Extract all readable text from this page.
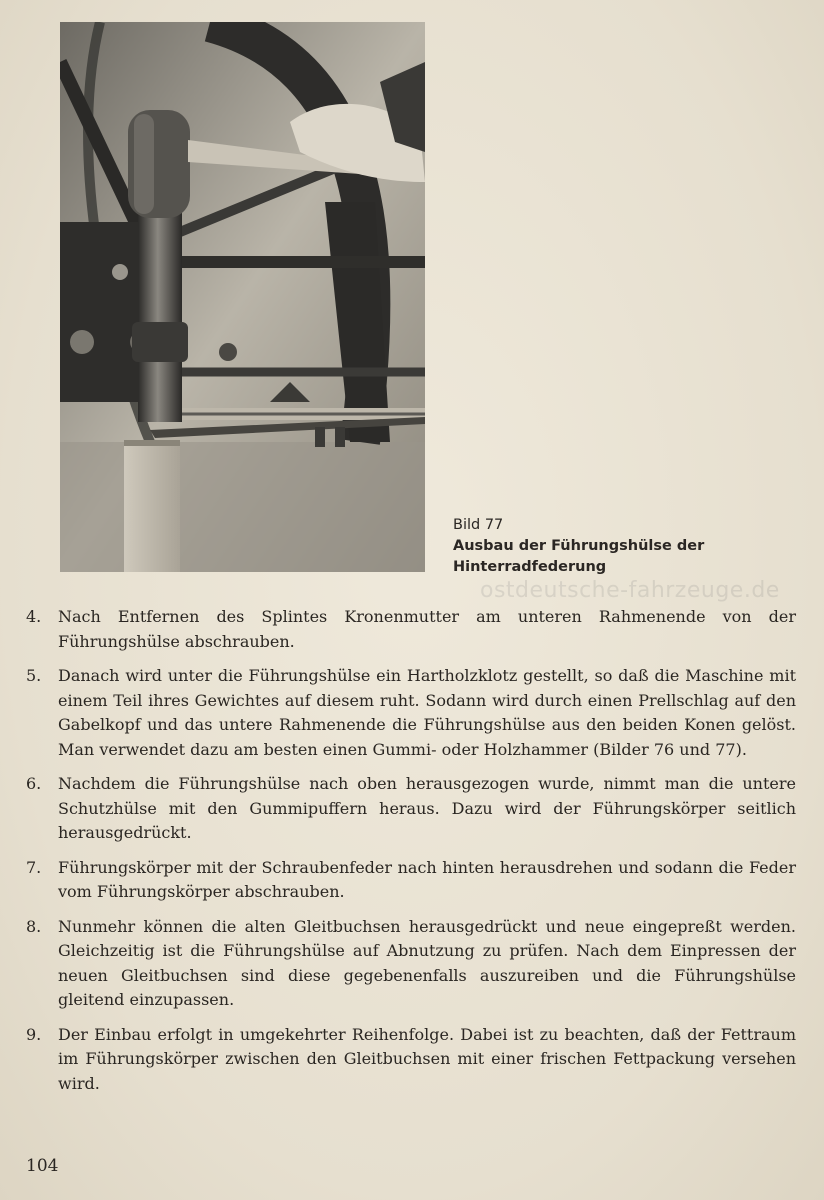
Bild 77
Ausbau der Führungshülse der
Hinterradfederung
ostdeutsche-fahrzeuge.de
4.	Nach Entfernen des Splintes Kronenmutter am unteren Rahmenende von der Führungshülse abschrauben.
5.	Danach wird unter die Führungshülse ein Hartholzklotz gestellt, so daß die Maschine mit einem Teil ihres Gewichtes auf diesem ruht. Sodann wird durch einen Prellschlag auf den Gabelkopf und das untere Rahmenende die Führungshülse aus den beiden Konen gelöst. Man verwendet dazu am besten einen Gummi- oder Holzhammer (Bilder 76 und 77).
6.	Nachdem die Führungshülse nach oben herausgezogen wurde, nimmt man die untere Schutzhülse mit den Gummipuffern heraus. Dazu wird der Führungskörper seitlich herausgedrückt.
7.	Führungskörper mit der Schraubenfeder nach hinten herausdrehen und sodann die Feder vom Führungskörper abschrauben.
8.	Nunmehr können die alten Gleitbuchsen herausgedrückt und neue eingepreßt werden. Gleichzeitig ist die Führungshülse auf Abnutzung zu prüfen. Nach dem Einpressen der neuen Gleitbuchsen sind diese gegebenenfalls auszureiben und die Führungshülse gleitend einzupassen.
9.	Der Einbau erfolgt in umgekehrter Reihenfolge. Dabei ist zu beachten, daß der Fettraum im Führungskörper zwischen den Gleitbuchsen mit einer frischen Fettpackung versehen wird.
104
